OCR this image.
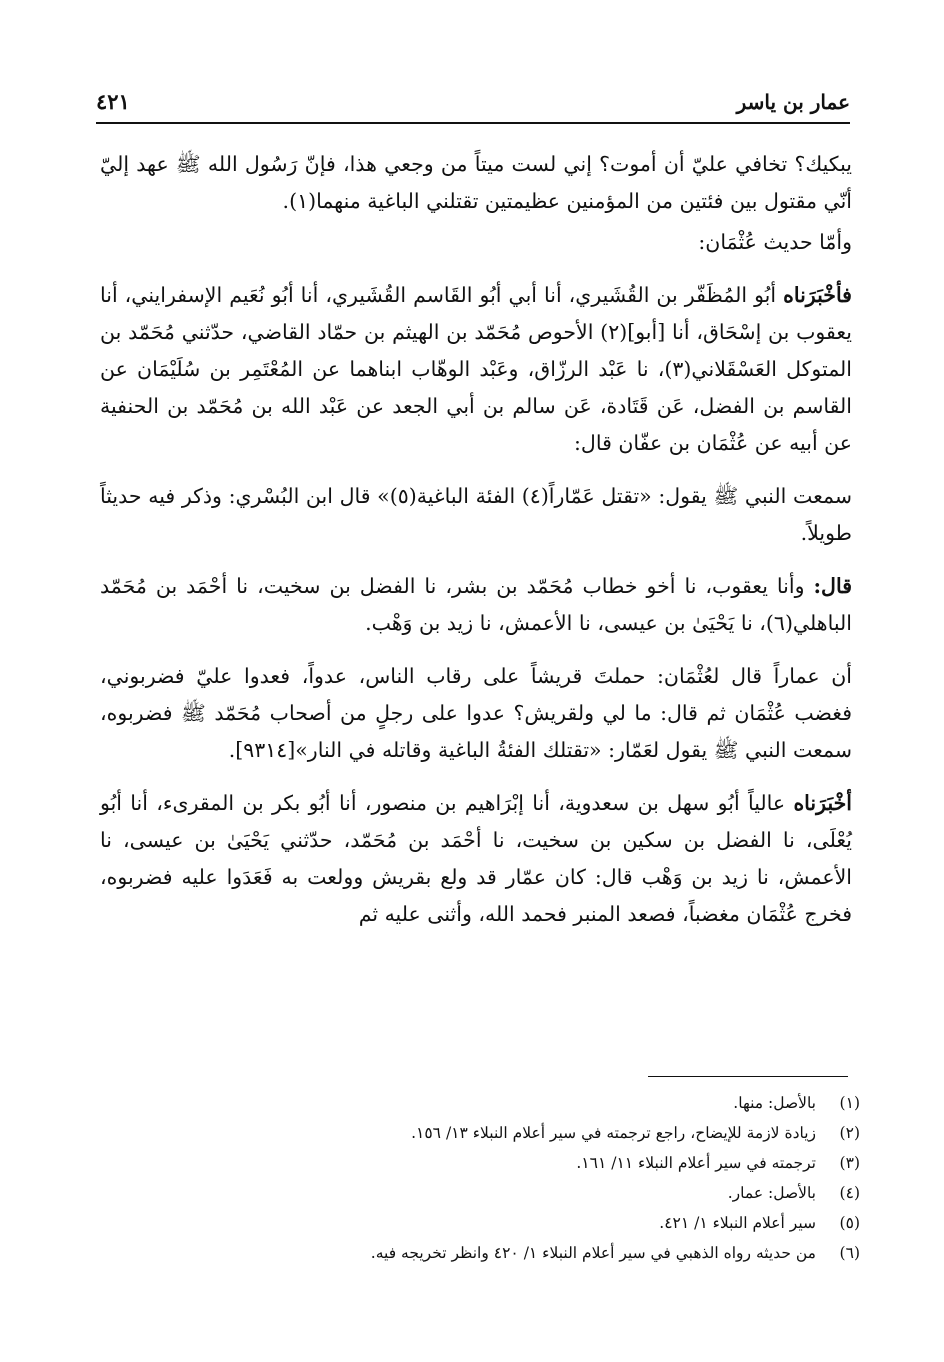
عمار بن ياسر
٤٢١

يبكيك؟ تخافي عليّ أن أموت؟ إني لست ميتاً من وجعي هذا، فإنّ رَسُول الله ﷺ عهد إليّ أنّي مقتول بين فئتين من المؤمنين عظيمتين تقتلني الباغية منهما(١).

وأمّا حديث عُثْمَان:

فأخْبَرَناه أبُو المُظَفّر بن القُشَيري، أنا أبي أبُو القَاسم القُشَيري، أنا أبُو نُعَيم الإسفرايني، أنا يعقوب بن إسْحَاق، أنا [أبو](٢) الأحوص مُحَمّد بن الهيثم بن حمّاد القاضي، حدّثني مُحَمّد بن المتوكل العَسْقَلاني(٣)، نا عَبْد الرزّاق، وعَبْد الوهّاب ابناهما عن المُعْتَمِر بن سُلَيْمَان عن القاسم بن الفضل، عَن قَتَادة، عَن سالم بن أبي الجعد عن عَبْد الله بن مُحَمّد بن الحنفية عن أبيه عن عُثْمَان بن عفّان قال:

سمعت النبي ﷺ يقول: «تقتل عَمّاراً(٤) الفئة الباغية(٥)» قال ابن البُسْري: وذكر فيه حديثاً طويلاً.

قال: وأنا يعقوب، نا أخو خطاب مُحَمّد بن بشر، نا الفضل بن سخيت، نا أحْمَد بن مُحَمّد الباهلي(٦)، نا يَحْيَىٰ بن عيسى، نا الأعمش، نا زيد بن وَهْب.

أن عماراً قال لعُثْمَان: حملتَ قريشاً على رقاب الناس، عدواً، فعدوا عليّ فضربوني، فغضب عُثْمَان ثم قال: ما لي ولقريش؟ عدوا على رجلٍ من أصحاب مُحَمّد ﷺ فضربوه، سمعت النبي ﷺ يقول لعَمّار: «تقتلك الفئةُ الباغية وقاتله في النار»[٩٣١٤].

أخْبَرَناه عالياً أبُو سهل بن سعدوية، أنا إبْرَاهيم بن منصور، أنا أبُو بكر بن المقرىء، أنا أبُو يُعْلَى، نا الفضل بن سكين بن سخيت، نا أحْمَد بن مُحَمّد، حدّثني يَحْيَىٰ بن عيسى، نا الأعمش، نا زيد بن وَهْب قال: كان عمّار قد ولع بقريش وولعت به فَعَدَوا عليه فضربوه، فخرج عُثْمَان مغضباً، فصعد المنبر فحمد الله، وأثنى عليه ثم

(١)
بالأصل: منها.
(٢)
زيادة لازمة للإيضاح، راجع ترجمته في سير أعلام النبلاء ١٣/ ١٥٦.
(٣)
ترجمته في سير أعلام النبلاء ١١/ ١٦١.
(٤)
بالأصل: عمار.
(٥)
سير أعلام النبلاء ١/ ٤٢١.
(٦)
من حديثه رواه الذهبي في سير أعلام النبلاء ١/ ٤٢٠ وانظر تخريجه فيه.
